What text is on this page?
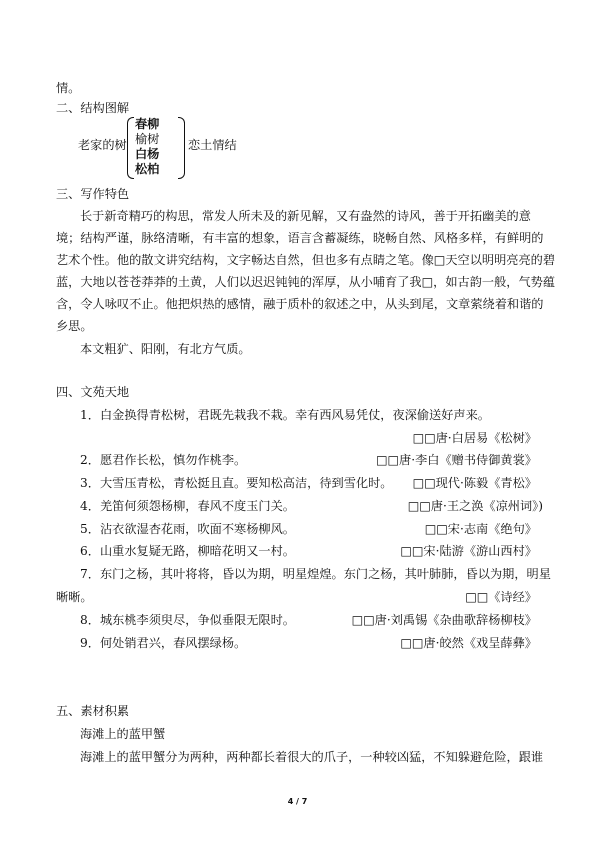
情。
二、结构图解
老家的树
春柳
榆树
白杨
松柏
恋土情结
三、写作特色
长于新奇精巧的构思，常发人所未及的新见解，又有盎然的诗风，善于开拓幽美的意
境；结构严谨，脉络清晰，有丰富的想象，语言含蓄凝练，晓畅自然、风格多样，有鲜明的
艺术个性。他的散文讲究结构，文字畅达自然，但也多有点睛之笔。像□天空以明明亮亮的碧
蓝，大地以苍苍莽莽的土黄，人们以迟迟钝钝的浑厚，从小哺育了我□，如古韵一般，气势蕴
含，令人咏叹不止。他把炽热的感情，融于质朴的叙述之中，从头到尾，文章萦绕着和谐的
乡思。
本文粗犷、阳刚，有北方气质。
四、文苑天地
1．白金换得青松树，君既先栽我不栽。幸有西风易凭仗，夜深偷送好声来。
□□唐·白居易《松树》
2．愿君作长松，慎勿作桃李。	□□唐·李白《赠书侍御黄裳》
3．大雪压青松，青松挺且直。要知松高洁，待到雪化时。 □□现代·陈毅《青松》
4．羌笛何须怨杨柳，春风不度玉门关。	□□唐·王之涣《凉州词》)
5．沾衣欲湿杏花雨，吹面不寒杨柳风。	□□宋·志南《绝句》
6．山重水复疑无路，柳暗花明又一村。	□□宋·陆游《游山西村》
7．东门之杨，其叶将将，昏以为期，明星煌煌。东门之杨，其叶肺肺，昏以为期，明星
晰晰。	□□《诗经》
8．城东桃李须臾尽，争似垂限无限时。	□□唐·刘禹锡《杂曲歌辞杨柳枝》
9．何处销君兴，春风摆绿杨。	□□唐·皎然《戏呈薛彝》
五、素材积累
海滩上的蓝甲蟹
海滩上的蓝甲蟹分为两种，两种都长着很大的爪子，一种较凶猛，不知躲避危险，跟谁
4 / 7
